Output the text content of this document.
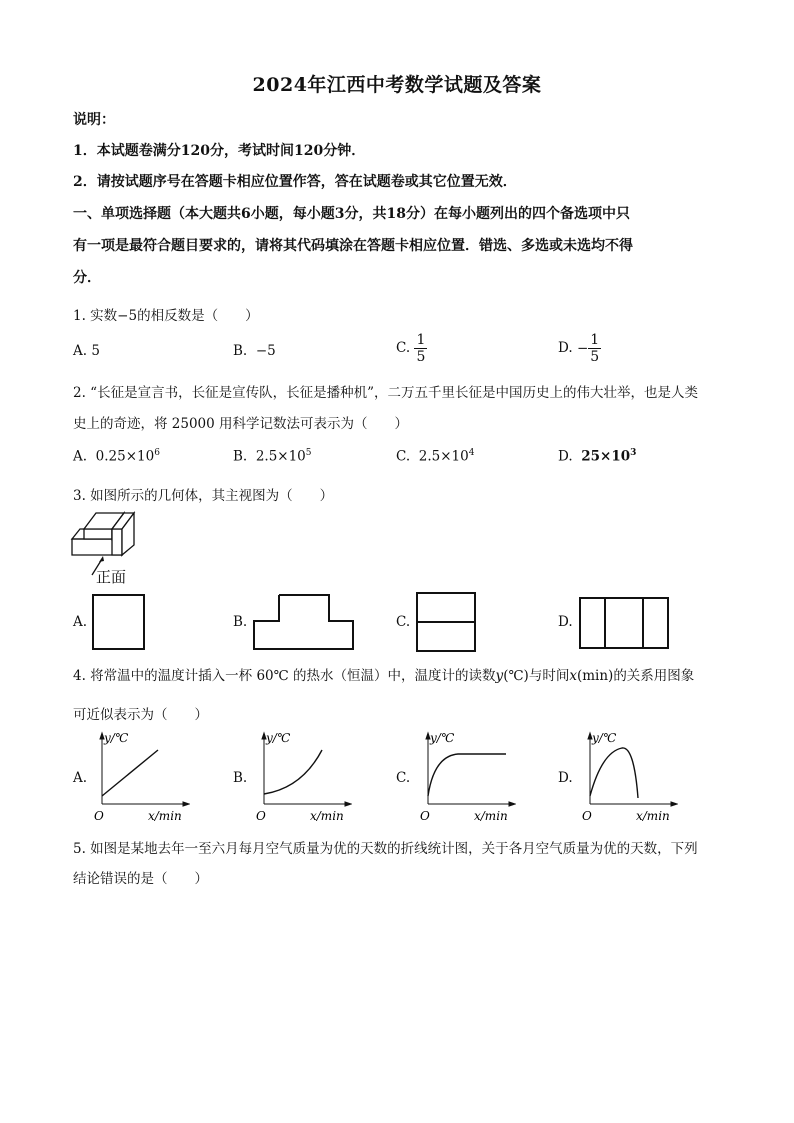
2024年江西中考数学试题及答案
说明：
1．本试题卷满分120分，考试时间120分钟．
2．请按试题序号在答题卡相应位置作答，答在试题卷或其它位置无效．
一、单项选择题（本大题共6小题，每小题3分，共18分）在每小题列出的四个备选项中只
有一项是最符合题目要求的，请将其代码填涂在答题卡相应位置．错选、多选或未选均不得
分．
1. 实数−5的相反数是（　　）
A. 5	B. −5	C. $\frac{1}{5}$	D. − $\frac{1}{5}$
2. “长征是宣言书，长征是宣传队，长征是播种机”，二万五千里长征是中国历史上的伟大壮举，也是人类
史上的奇迹，将 25000 用科学记数法可表示为（　　）
A. $0.25\times 10^6$	B. $2.5\times 10^5$	C. $2.5\times 10^4$	D. $25\times 10^3$
3. 如图所示的几何体，其主视图为（　　）
正面
A.	B.	C.	D.
4. 将常温中的温度计插入一杯 60℃ 的热水（恒温）中，温度计的读数y(℃)与时间x(min)的关系用图象
可近似表示为（　　）
A.
y/℃
O	x/min
B.
y/℃
O	x/min
C.
y/℃
O	x/min
D.
y/℃
O	x/min
5. 如图是某地去年一至六月每月空气质量为优的天数的折线统计图，关于各月空气质量为优的天数，下列
结论错误的是（　　）
